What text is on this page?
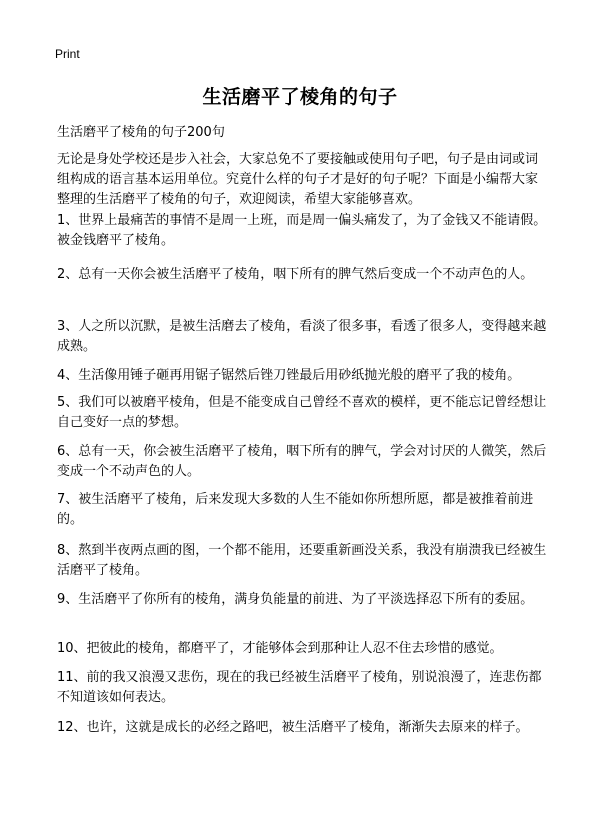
Print
生活磨平了棱角的句子
生活磨平了棱角的句子200句

无论是身处学校还是步入社会，大家总免不了要接触或使用句子吧，句子是由词或词组构成的语言基本运用单位。究竟什么样的句子才是好的句子呢？下面是小编帮大家整理的生活磨平了棱角的句子，欢迎阅读，希望大家能够喜欢。

1、世界上最痛苦的事情不是周一上班，而是周一偏头痛发了，为了金钱又不能请假。被金钱磨平了棱角。

2、总有一天你会被生活磨平了棱角，咽下所有的脾气然后变成一个不动声色的人。

3、人之所以沉默，是被生活磨去了棱角，看淡了很多事，看透了很多人，变得越来越成熟。

4、生活像用锤子砸再用锯子锯然后锉刀锉最后用砂纸抛光般的磨平了我的棱角。

5、我们可以被磨平棱角，但是不能变成自己曾经不喜欢的模样，更不能忘记曾经想让自己变好一点的梦想。

6、总有一天，你会被生活磨平了棱角，咽下所有的脾气，学会对讨厌的人微笑，然后变成一个不动声色的人。

7、被生活磨平了棱角，后来发现大多数的人生不能如你所想所愿，都是被推着前进的。

8、熬到半夜两点画的图，一个都不能用，还要重新画没关系，我没有崩溃我已经被生活磨平了棱角。

9、生活磨平了你所有的棱角，满身负能量的前进、为了平淡选择忍下所有的委屈。

10、把彼此的棱角，都磨平了，才能够体会到那种让人忍不住去珍惜的感觉。

11、前的我又浪漫又悲伤，现在的我已经被生活磨平了棱角，别说浪漫了，连悲伤都不知道该如何表达。

12、也许，这就是成长的必经之路吧，被生活磨平了棱角，渐渐失去原来的样子。
